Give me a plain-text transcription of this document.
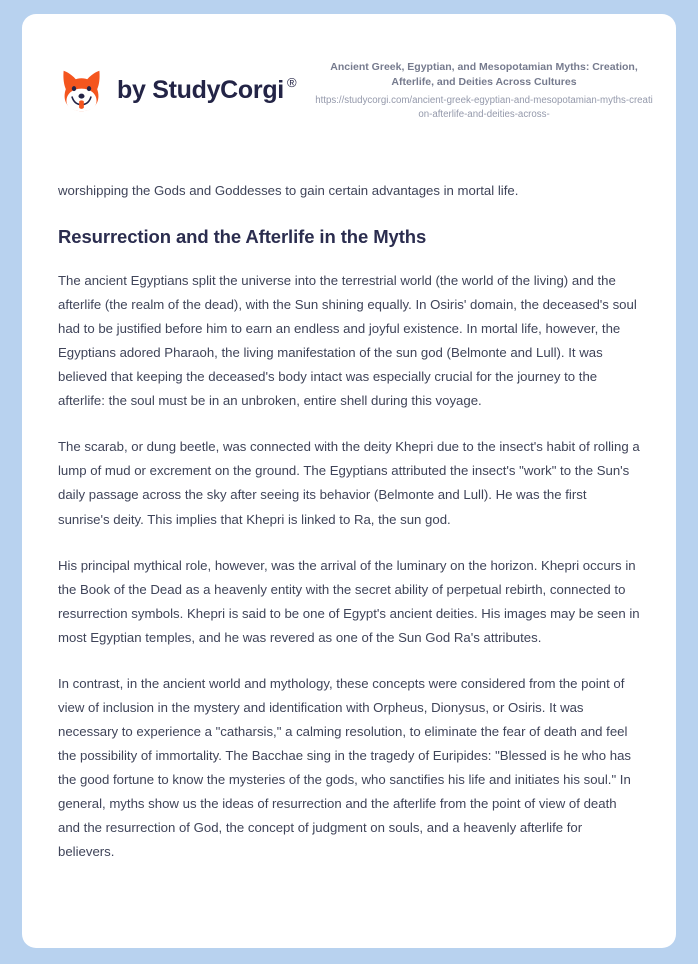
by StudyCorgi ®

Ancient Greek, Egyptian, and Mesopotamian Myths: Creation, Afterlife, and Deities Across Cultures

https://studycorgi.com/ancient-greek-egyptian-and-mesopotamian-myths-creation-afterlife-and-deities-across-

worshipping the Gods and Goddesses to gain certain advantages in mortal life.

Resurrection and the Afterlife in the Myths

The ancient Egyptians split the universe into the terrestrial world (the world of the living) and the afterlife (the realm of the dead), with the Sun shining equally. In Osiris' domain, the deceased's soul had to be justified before him to earn an endless and joyful existence. In mortal life, however, the Egyptians adored Pharaoh, the living manifestation of the sun god (Belmonte and Lull). It was believed that keeping the deceased's body intact was especially crucial for the journey to the afterlife: the soul must be in an unbroken, entire shell during this voyage.

The scarab, or dung beetle, was connected with the deity Khepri due to the insect's habit of rolling a lump of mud or excrement on the ground. The Egyptians attributed the insect's "work" to the Sun's daily passage across the sky after seeing its behavior (Belmonte and Lull). He was the first sunrise's deity. This implies that Khepri is linked to Ra, the sun god.

His principal mythical role, however, was the arrival of the luminary on the horizon. Khepri occurs in the Book of the Dead as a heavenly entity with the secret ability of perpetual rebirth, connected to resurrection symbols. Khepri is said to be one of Egypt's ancient deities. His images may be seen in most Egyptian temples, and he was revered as one of the Sun God Ra's attributes.

In contrast, in the ancient world and mythology, these concepts were considered from the point of view of inclusion in the mystery and identification with Orpheus, Dionysus, or Osiris. It was necessary to experience a "catharsis," a calming resolution, to eliminate the fear of death and feel the possibility of immortality. The Bacchae sing in the tragedy of Euripides: "Blessed is he who has the good fortune to know the mysteries of the gods, who sanctifies his life and initiates his soul." In general, myths show us the ideas of resurrection and the afterlife from the point of view of death and the resurrection of God, the concept of judgment on souls, and a heavenly afterlife for believers.
